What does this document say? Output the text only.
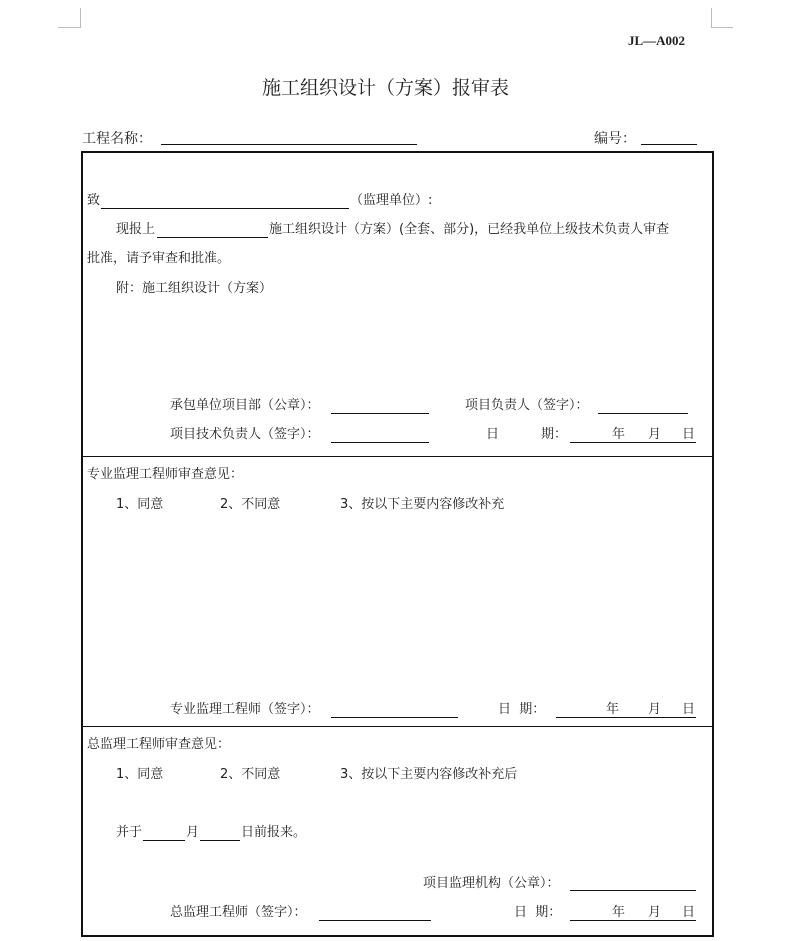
JL—A002
施工组织设计（方案）报审表
工程名称：	编号：
致	（监理单位）:
现报上	施工组织设计（方案）(全套、部分)，已经我单位上级技术负责人审查
批准，请予审查和批准。
附：施工组织设计（方案）
承包单位项目部（公章）：	项目负责人（签字）：
项目技术负责人（签字）：	日	期：	年 月 日
专业监理工程师审查意见：
1、同意	2、不同意	3、按以下主要内容修改补充
专业监理工程师（签字）：	日  期：	年 月 日
总监理工程师审查意见：
1、同意	2、不同意	3、按以下主要内容修改补充后
并于	月	日前报来。
项目监理机构（公章）：
总监理工程师（签字）：	日  期：	年 月 日
